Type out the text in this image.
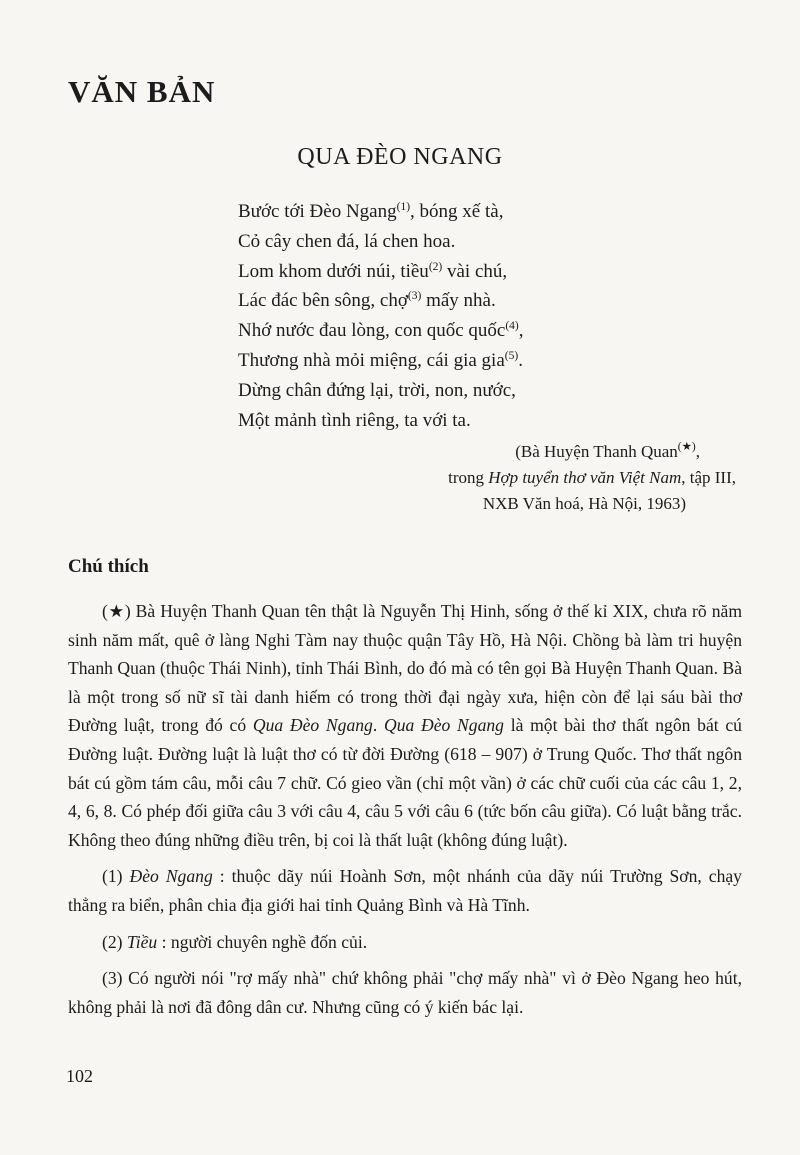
VĂN BẢN
QUA ĐÈO NGANG
Bước tới Đèo Ngang$^{(1)}$, bóng xế tà,
Cỏ cây chen đá, lá chen hoa.
Lom khom dưới núi, tiều$^{(2)}$ vài chú,
Lác đác bên sông, chợ$^{(3)}$ mấy nhà.
Nhớ nước đau lòng, con quốc quốc$^{(4)}$,
Thương nhà mỏi miệng, cái gia gia$^{(5)}$.
Dừng chân đứng lại, trời, non, nước,
Một mảnh tình riêng, ta với ta.
(Bà Huyện Thanh Quan(★),
trong Hợp tuyển thơ văn Việt Nam, tập III,
NXB Văn hoá, Hà Nội, 1963)
Chú thích

(★) Bà Huyện Thanh Quan tên thật là Nguyễn Thị Hinh, sống ở thế kỉ XIX, chưa rõ năm sinh năm mất, quê ở làng Nghi Tàm nay thuộc quận Tây Hồ, Hà Nội. Chồng bà làm tri huyện Thanh Quan (thuộc Thái Ninh), tỉnh Thái Bình, do đó mà có tên gọi Bà Huyện Thanh Quan. Bà là một trong số nữ sĩ tài danh hiếm có trong thời đại ngày xưa, hiện còn để lại sáu bài thơ Đường luật, trong đó có Qua Đèo Ngang. Qua Đèo Ngang là một bài thơ thất ngôn bát cú Đường luật. Đường luật là luật thơ có từ đời Đường (618 – 907) ở Trung Quốc. Thơ thất ngôn bát cú gồm tám câu, mỗi câu 7 chữ. Có gieo vần (chỉ một vần) ở các chữ cuối của các câu 1, 2, 4, 6, 8. Có phép đối giữa câu 3 với câu 4, câu 5 với câu 6 (tức bốn câu giữa). Có luật bằng trắc. Không theo đúng những điều trên, bị coi là thất luật (không đúng luật).

(1) Đèo Ngang : thuộc dãy núi Hoành Sơn, một nhánh của dãy núi Trường Sơn, chạy thẳng ra biển, phân chia địa giới hai tỉnh Quảng Bình và Hà Tĩnh.

(2) Tiều : người chuyên nghề đốn củi.

(3) Có người nói "rợ mấy nhà" chứ không phải "chợ mấy nhà" vì ở Đèo Ngang heo hút, không phải là nơi đã đông dân cư. Nhưng cũng có ý kiến bác lại.

102
